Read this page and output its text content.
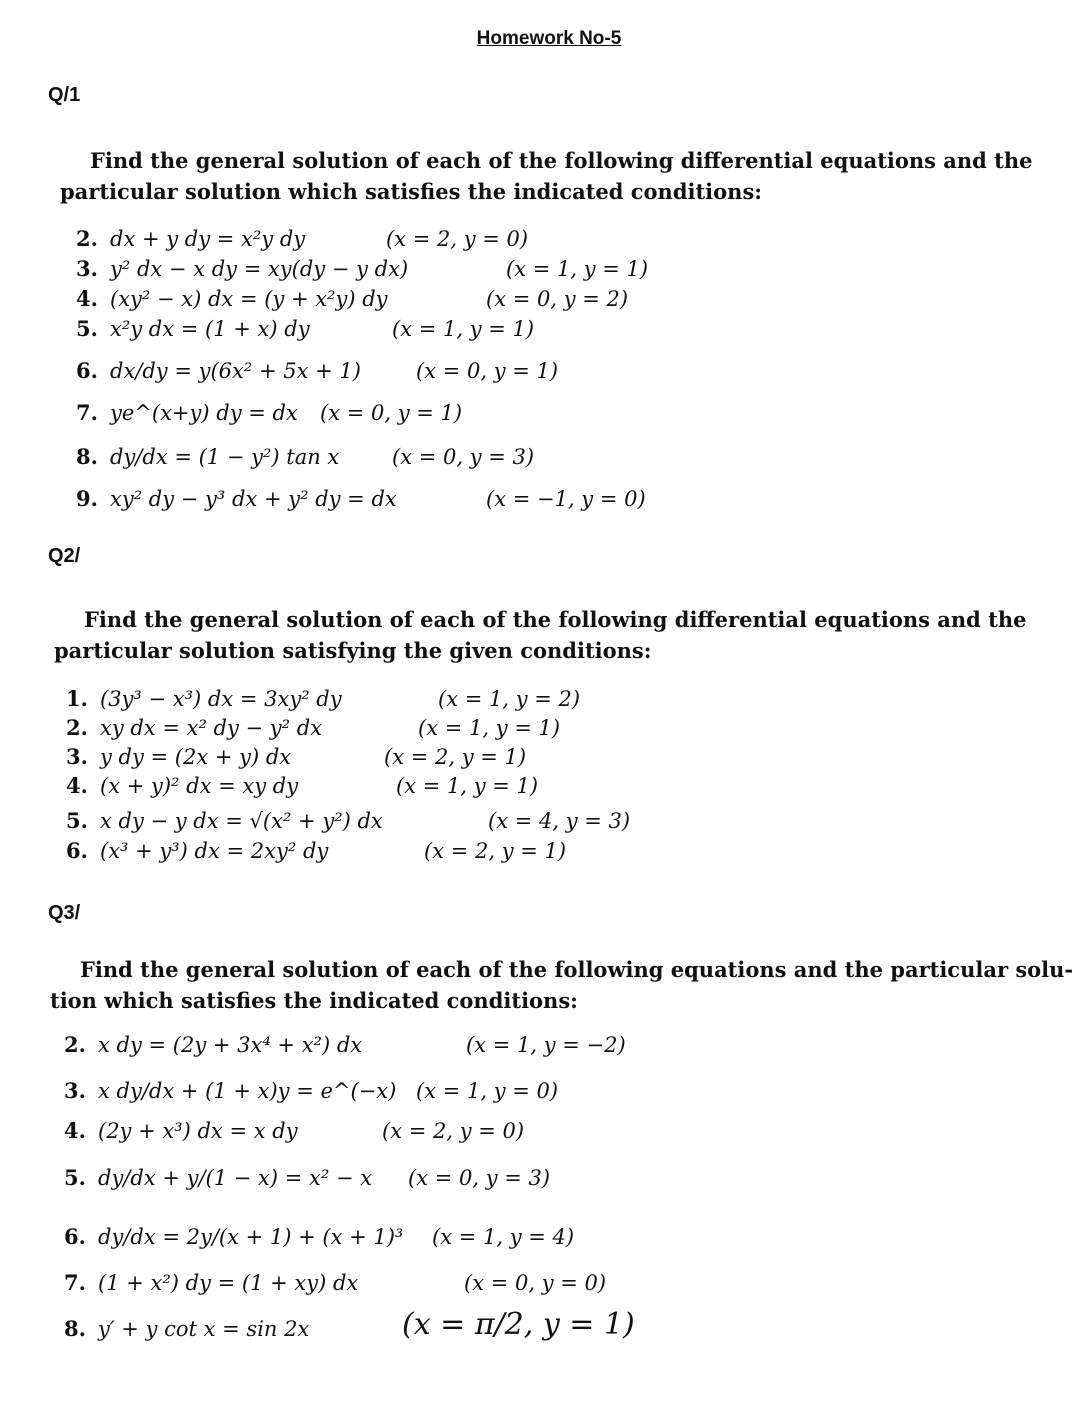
Homework No-5
Q/1
Find the general solution of each of the following differential equations and the
particular solution which satisfies the indicated conditions:
2. dx + y dy = x²y dy	(x = 2, y = 0)
3. y² dx − x dy = xy(dy − y dx)	(x = 1, y = 1)
4. (xy² − x) dx = (y + x²y) dy	(x = 0, y = 2)
5. x²y dx = (1 + x) dy	(x = 1, y = 1)
6. dx/dy = y(6x² + 5x + 1)	(x = 0, y = 1)
7. ye^(x+y) dy = dx (x = 0, y = 1)
8. dy/dx = (1 − y²) tan x	(x = 0, y = 3)
9. xy² dy − y³ dx + y² dy = dx	(x = −1, y = 0)
Q2/
Find the general solution of each of the following differential equations and the
particular solution satisfying the given conditions:
1. (3y³ − x³) dx = 3xy² dy	(x = 1, y = 2)
2. xy dx = x² dy − y² dx	(x = 1, y = 1)
3. y dy = (2x + y) dx	(x = 2, y = 1)
4. (x + y)² dx = xy dy	(x = 1, y = 1)
5. x dy − y dx = √(x² + y²) dx	(x = 4, y = 3)
6. (x³ + y³) dx = 2xy² dy	(x = 2, y = 1)
Q3/
Find the general solution of each of the following equations and the particular solu-
tion which satisfies the indicated conditions:
2. x dy = (2y + 3x⁴ + x²) dx	(x = 1, y = −2)
3. x dy/dx + (1 + x)y = e^(−x) (x = 1, y = 0)
4. (2y + x³) dx = x dy	(x = 2, y = 0)
5. dy/dx + y/(1 − x) = x² − x (x = 0, y = 3)
6. dy/dx = 2y/(x + 1) + (x + 1)³ (x = 1, y = 4)
7. (1 + x²) dy = (1 + xy) dx	(x = 0, y = 0)
8. y′ + y cot x = sin 2x	(x = π/2, y = 1)
